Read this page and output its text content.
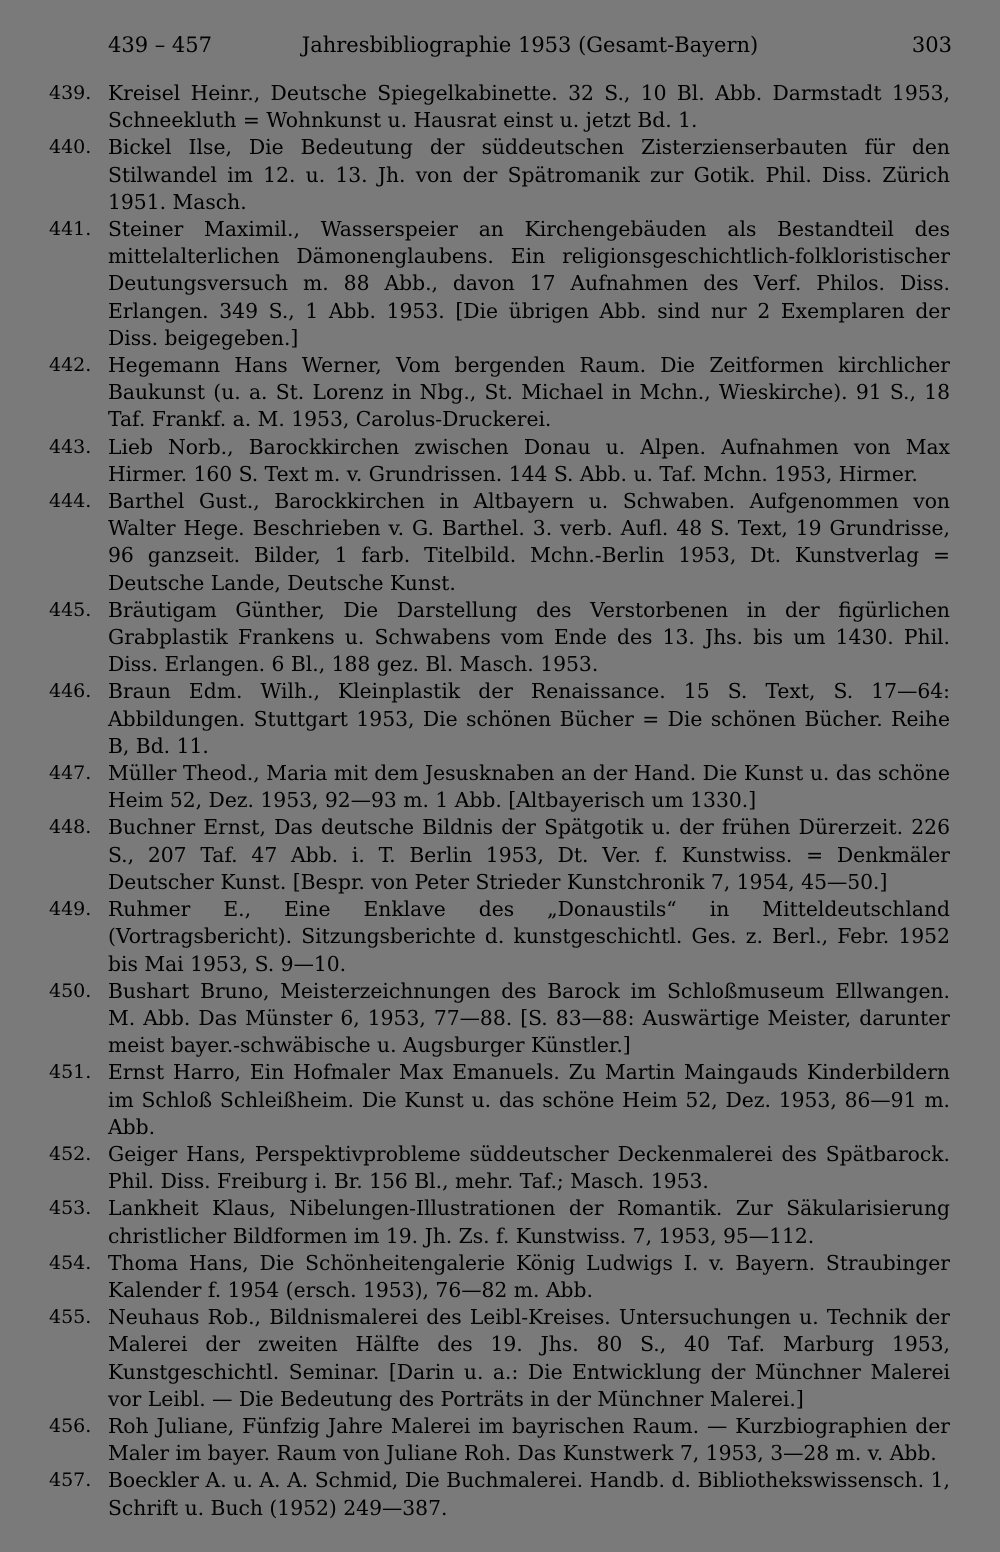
439 – 457	Jahresbibliographie 1953 (Gesamt-Bayern)	303
439. Kreisel Heinr., Deutsche Spiegelkabinette. 32 S., 10 Bl. Abb. Darmstadt 1953, Schneekluth = Wohnkunst u. Hausrat einst u. jetzt Bd. 1.
440. Bickel Ilse, Die Bedeutung der süddeutschen Zisterzienserbauten für den Stilwandel im 12. u. 13. Jh. von der Spätromanik zur Gotik. Phil. Diss. Zürich 1951. Masch.
441. Steiner Maximil., Wasserspeier an Kirchengebäuden als Bestandteil des mittelalterlichen Dämonenglaubens. Ein religionsgeschichtlich-folkloristischer Deutungsversuch m. 88 Abb., davon 17 Aufnahmen des Verf. Philos. Diss. Erlangen. 349 S., 1 Abb. 1953. [Die übrigen Abb. sind nur 2 Exemplaren der Diss. beigegeben.]
442. Hegemann Hans Werner, Vom bergenden Raum. Die Zeitformen kirchlicher Baukunst (u. a. St. Lorenz in Nbg., St. Michael in Mchn., Wieskirche). 91 S., 18 Taf. Frankf. a. M. 1953, Carolus-Druckerei.
443. Lieb Norb., Barockkirchen zwischen Donau u. Alpen. Aufnahmen von Max Hirmer. 160 S. Text m. v. Grundrissen. 144 S. Abb. u. Taf. Mchn. 1953, Hirmer.
444. Barthel Gust., Barockkirchen in Altbayern u. Schwaben. Aufgenommen von Walter Hege. Beschrieben v. G. Barthel. 3. verb. Aufl. 48 S. Text, 19 Grundrisse, 96 ganzseit. Bilder, 1 farb. Titelbild. Mchn.-Berlin 1953, Dt. Kunstverlag = Deutsche Lande, Deutsche Kunst.
445. Bräutigam Günther, Die Darstellung des Verstorbenen in der figürlichen Grabplastik Frankens u. Schwabens vom Ende des 13. Jhs. bis um 1430. Phil. Diss. Erlangen. 6 Bl., 188 gez. Bl. Masch. 1953.
446. Braun Edm. Wilh., Kleinplastik der Renaissance. 15 S. Text, S. 17—64: Abbildungen. Stuttgart 1953, Die schönen Bücher = Die schönen Bücher. Reihe B, Bd. 11.
447. Müller Theod., Maria mit dem Jesusknaben an der Hand. Die Kunst u. das schöne Heim 52, Dez. 1953, 92—93 m. 1 Abb. [Altbayerisch um 1330.]
448. Buchner Ernst, Das deutsche Bildnis der Spätgotik u. der frühen Dürerzeit. 226 S., 207 Taf. 47 Abb. i. T. Berlin 1953, Dt. Ver. f. Kunstwiss. = Denkmäler Deutscher Kunst. [Bespr. von Peter Strieder Kunstchronik 7, 1954, 45—50.]
449. Ruhmer E., Eine Enklave des „Donaustils“ in Mitteldeutschland (Vortragsbericht). Sitzungsberichte d. kunstgeschichtl. Ges. z. Berl., Febr. 1952 bis Mai 1953, S. 9—10.
450. Bushart Bruno, Meisterzeichnungen des Barock im Schloßmuseum Ellwangen. M. Abb. Das Münster 6, 1953, 77—88. [S. 83—88: Auswärtige Meister, darunter meist bayer.-schwäbische u. Augsburger Künstler.]
451. Ernst Harro, Ein Hofmaler Max Emanuels. Zu Martin Maingauds Kinderbildern im Schloß Schleißheim. Die Kunst u. das schöne Heim 52, Dez. 1953, 86—91 m. Abb.
452. Geiger Hans, Perspektivprobleme süddeutscher Deckenmalerei des Spätbarock. Phil. Diss. Freiburg i. Br. 156 Bl., mehr. Taf.; Masch. 1953.
453. Lankheit Klaus, Nibelungen-Illustrationen der Romantik. Zur Säkularisierung christlicher Bildformen im 19. Jh. Zs. f. Kunstwiss. 7, 1953, 95—112.
454. Thoma Hans, Die Schönheitengalerie König Ludwigs I. v. Bayern. Straubinger Kalender f. 1954 (ersch. 1953), 76—82 m. Abb.
455. Neuhaus Rob., Bildnismalerei des Leibl-Kreises. Untersuchungen u. Technik der Malerei der zweiten Hälfte des 19. Jhs. 80 S., 40 Taf. Marburg 1953, Kunstgeschichtl. Seminar. [Darin u. a.: Die Entwicklung der Münchner Malerei vor Leibl. — Die Bedeutung des Porträts in der Münchner Malerei.]
456. Roh Juliane, Fünfzig Jahre Malerei im bayrischen Raum. — Kurzbiographien der Maler im bayer. Raum von Juliane Roh. Das Kunstwerk 7, 1953, 3—28 m. v. Abb.
457. Boeckler A. u. A. A. Schmid, Die Buchmalerei. Handb. d. Bibliothekswissensch. 1, Schrift u. Buch (1952) 249—387.
